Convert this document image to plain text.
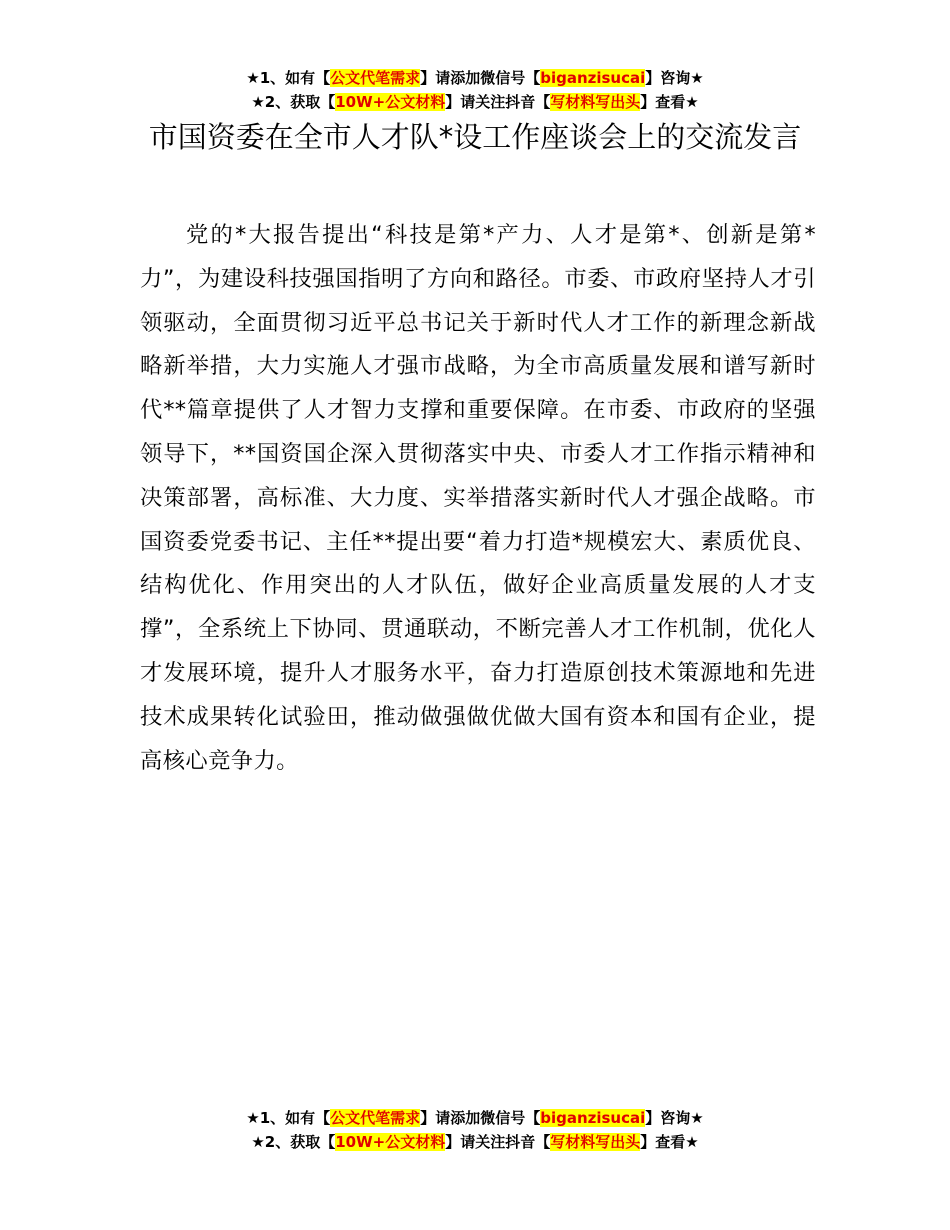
★1、如有【公文代笔需求】请添加微信号【biganzisucai】咨询★
★2、获取【10W+公文材料】请关注抖音【写材料写出头】查看★
市国资委在全市人才队*设工作座谈会上的交流发言

党的*大报告提出“科技是第*产力、人才是第*、创新是第*力”，为建设科技强国指明了方向和路径。市委、市政府坚持人才引领驱动，全面贯彻习近平总书记关于新时代人才工作的新理念新战略新举措，大力实施人才强市战略，为全市高质量发展和谱写新时代**篇章提供了人才智力支撑和重要保障。在市委、市政府的坚强领导下，**国资国企深入贯彻落实中央、市委人才工作指示精神和决策部署，高标准、大力度、实举措落实新时代人才强企战略。市国资委党委书记、主任**提出要“着力打造*规模宏大、素质优良、结构优化、作用突出的人才队伍，做好企业高质量发展的人才支撑”，全系统上下协同、贯通联动，不断完善人才工作机制，优化人才发展环境，提升人才服务水平，奋力打造原创技术策源地和先进技术成果转化试验田，推动做强做优做大国有资本和国有企业，提高核心竞争力。

★1、如有【公文代笔需求】请添加微信号【biganzisucai】咨询★
★2、获取【10W+公文材料】请关注抖音【写材料写出头】查看★
